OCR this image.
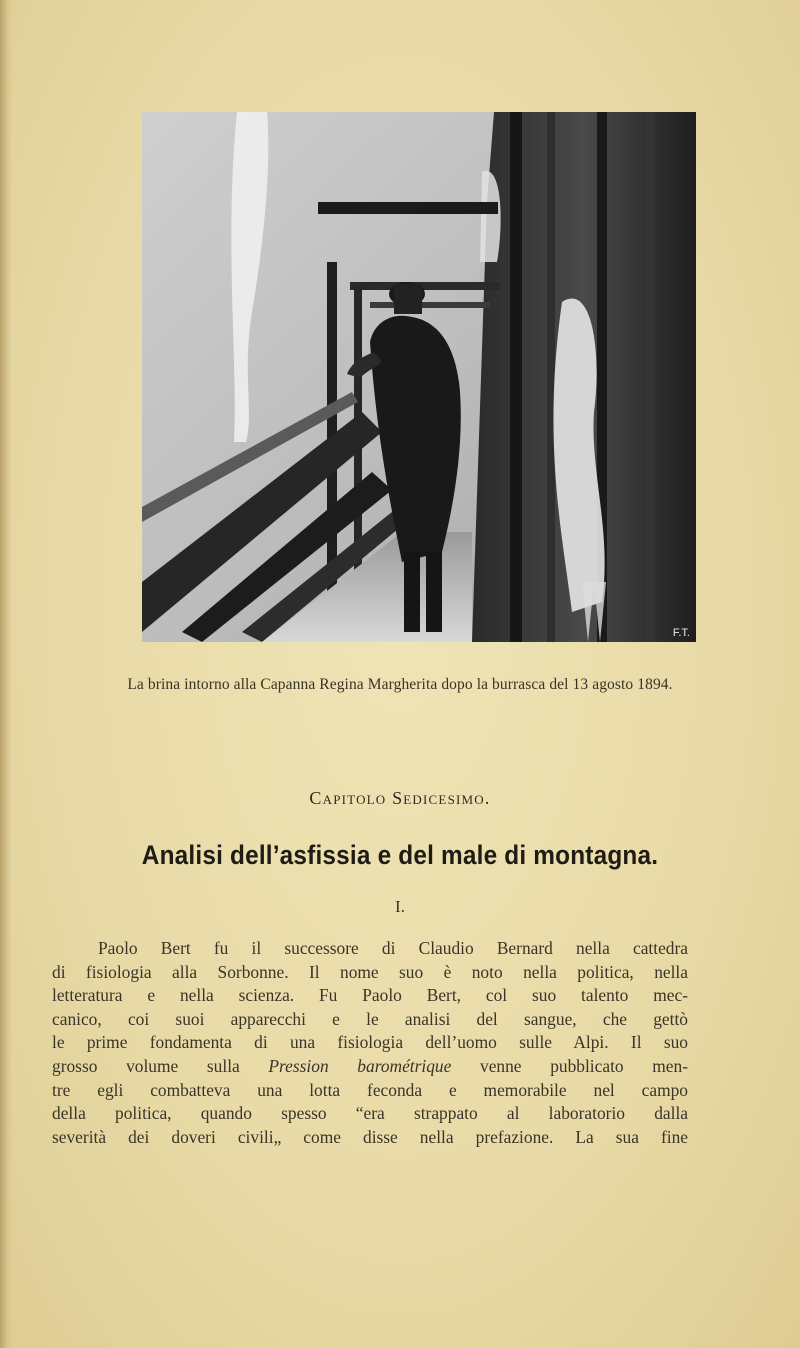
F.T.
La brina intorno alla Capanna Regina Margherita dopo la burrasca del 13 agosto 1894.
Capitolo Sedicesimo.
Analisi dell’asfissia e del male di montagna.
I.
Paolo Bert fu il successore di Claudio Bernard nella cattedra
di fisiologia alla Sorbonne. Il nome suo è noto nella politica, nella
letteratura e nella scienza. Fu Paolo Bert, col suo talento mec-
canico, coi suoi apparecchi e le analisi del sangue, che gettò
le prime fondamenta di una fisiologia dell’uomo sulle Alpi. Il suo
grosso volume sulla Pression barométrique venne pubblicato men-
tre egli combatteva una lotta feconda e memorabile nel campo
della politica, quando spesso “era strappato al laboratorio dalla
severità dei doveri civili„ come disse nella prefazione. La sua fine
